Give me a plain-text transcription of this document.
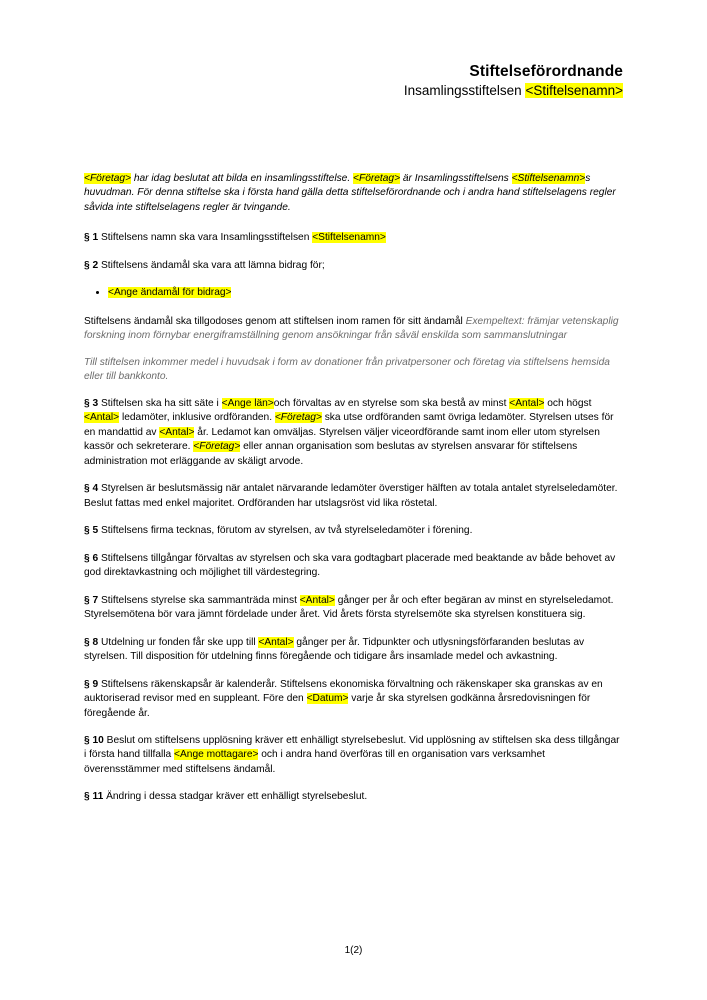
Stiftelseförordnande
Insamlingsstiftelsen <Stiftelsenamn>

<Företag> har idag beslutat att bilda en insamlingsstiftelse. <Företag> är Insamlingsstiftelsens <Stiftelsenamn>s huvudman. För denna stiftelse ska i första hand gälla detta stiftelseförordnande och i andra hand stiftelselagens regler såvida inte stiftelselagens regler är tvingande.

§ 1 Stiftelsens namn ska vara Insamlingsstiftelsen <Stiftelsenamn>

§ 2 Stiftelsens ändamål ska vara att lämna bidrag för;

• <Ange ändamål för bidrag>

Stiftelsens ändamål ska tillgodoses genom att stiftelsen inom ramen för sitt ändamål Exempeltext: främjar vetenskaplig forskning inom förnybar energiframställning genom ansökningar från såväl enskilda som sammanslutningar

Till stiftelsen inkommer medel i huvudsak i form av donationer från privatpersoner och företag via stiftelsens hemsida eller till bankkonto.

§ 3 Stiftelsen ska ha sitt säte i <Ange län>och förvaltas av en styrelse som ska bestå av minst <Antal> och högst <Antal> ledamöter, inklusive ordföranden. <Företag> ska utse ordföranden samt övriga ledamöter. Styrelsen utses för en mandattid av <Antal> år. Ledamot kan omväljas. Styrelsen väljer viceordförande samt inom eller utom styrelsen kassör och sekreterare. <Företag> eller annan organisation som beslutas av styrelsen ansvarar för stiftelsens administration mot erläggande av skäligt arvode.

§ 4 Styrelsen är beslutsmässig när antalet närvarande ledamöter överstiger hälften av totala antalet styrelseledamöter. Beslut fattas med enkel majoritet. Ordföranden har utslagsröst vid lika röstetal.

§ 5 Stiftelsens firma tecknas, förutom av styrelsen, av två styrelseledamöter i förening.

§ 6 Stiftelsens tillgångar förvaltas av styrelsen och ska vara godtagbart placerade med beaktande av både behovet av god direktavkastning och möjlighet till värdestegring.

§ 7 Stiftelsens styrelse ska sammanträda minst <Antal> gånger per år och efter begäran av minst en styrelseledamot. Styrelsemötena bör vara jämnt fördelade under året. Vid årets första styrelsemöte ska styrelsen konstituera sig.

§ 8 Utdelning ur fonden får ske upp till <Antal> gånger per år. Tidpunkter och utlysningsförfaranden beslutas av styrelsen. Till disposition för utdelning finns föregående och tidigare års insamlade medel och avkastning.

§ 9 Stiftelsens räkenskapsår är kalenderår. Stiftelsens ekonomiska förvaltning och räkenskaper ska granskas av en auktoriserad revisor med en suppleant. Före den <Datum> varje år ska styrelsen godkänna årsredovisningen för föregående år.

§ 10 Beslut om stiftelsens upplösning kräver ett enhälligt styrelsebeslut. Vid upplösning av stiftelsen ska dess tillgångar i första hand tillfalla <Ange mottagare> och i andra hand överföras till en organisation vars verksamhet överensstämmer med stiftelsens ändamål.

§ 11 Ändring i dessa stadgar kräver ett enhälligt styrelsebeslut.

1(2)
